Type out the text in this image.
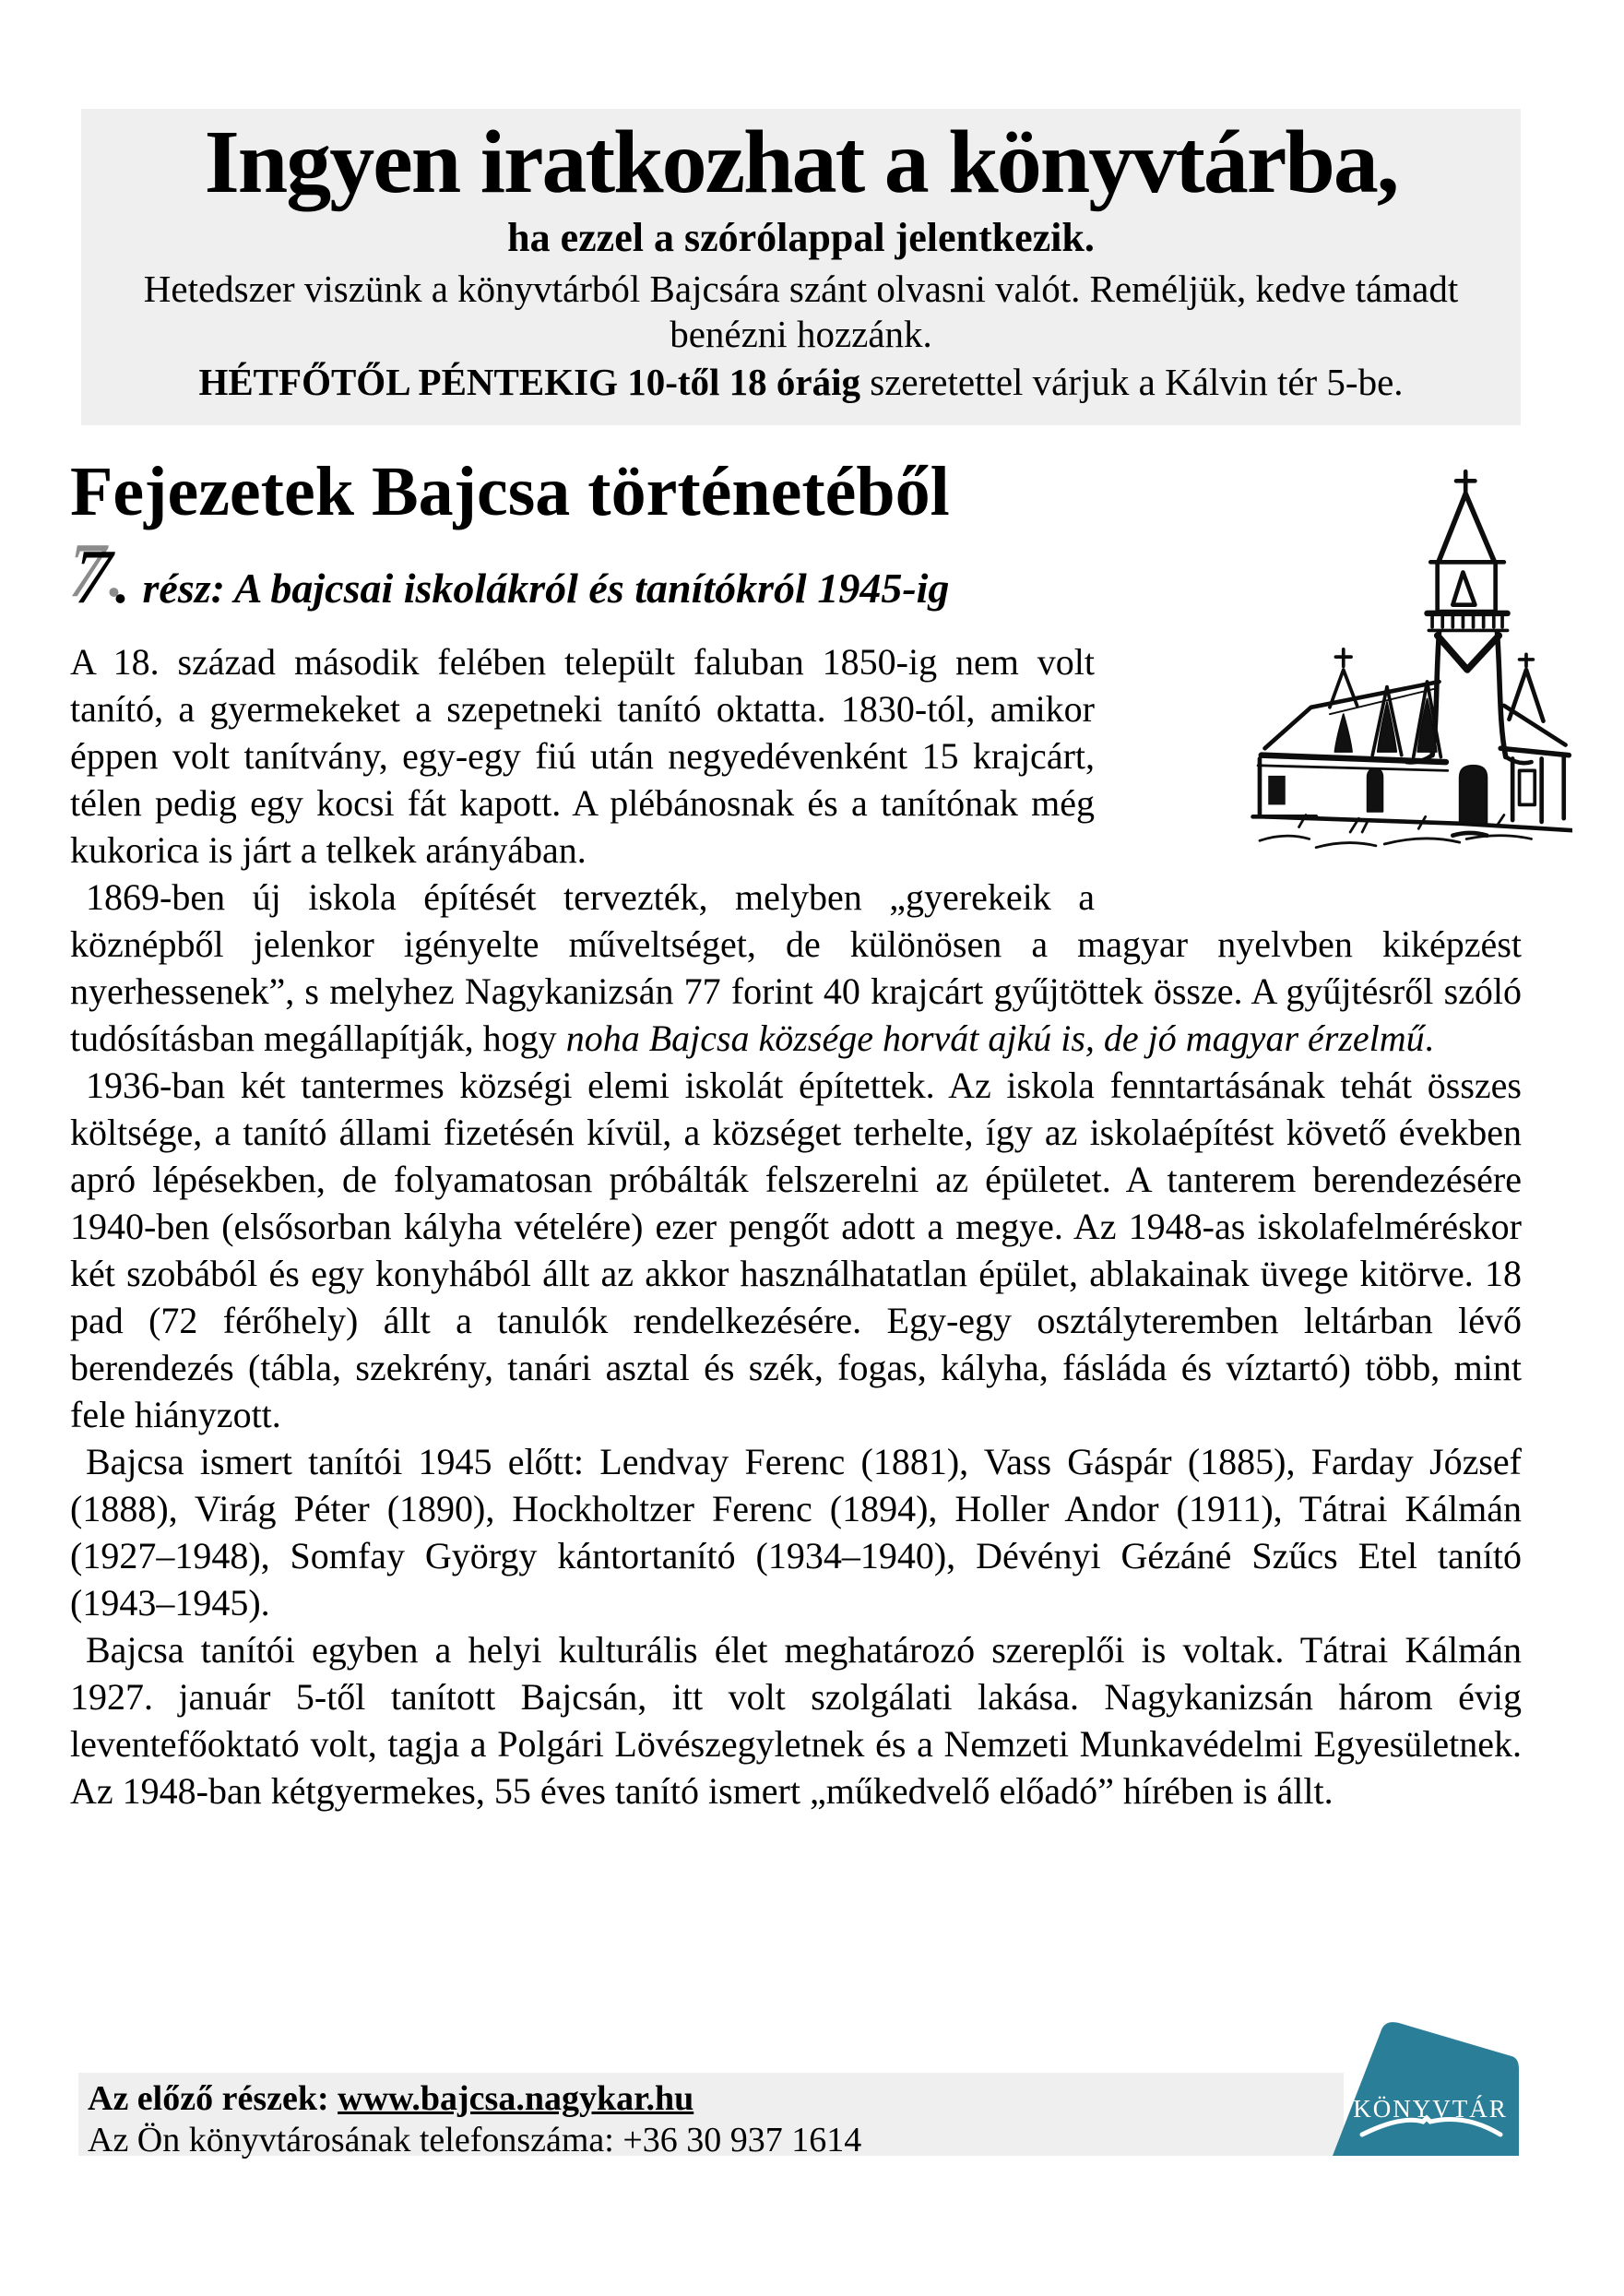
Ingyen iratkozhat a könyvtárba,

ha ezzel a szórólappal jelentkezik.

Hetedszer viszünk a könyvtárból Bajcsára szánt olvasni valót. Reméljük, kedve támadt benézni hozzánk.

HÉTFŐTŐL PÉNTEKIG 10-től 18 óráig szeretettel várjuk a Kálvin tér 5-be.

Fejezetek Bajcsa történetéből
7. rész: A bajcsai iskolákról és tanítókról 1945-ig

A 18. század második felében települt faluban 1850-ig nem volt tanító, a gyermekeket a szepetneki tanító oktatta. 1830-tól, amikor éppen volt tanítvány, egy-egy fiú után negyedévenként 15 krajcárt, télen pedig egy kocsi fát kapott. A plébánosnak és a tanítónak még kukorica is járt a telkek arányában.

1869-ben új iskola építését tervezték, melyben „gyerekeik a köznépből jelenkor igényelte műveltséget, de különösen a magyar nyelvben kiképzést nyerhessenek”, s melyhez Nagykanizsán 77 forint 40 krajcárt gyűjtöttek össze. A gyűjtésről szóló tudósításban megállapítják, hogy noha Bajcsa községe horvát ajkú is, de jó magyar érzelmű.

1936-ban két tantermes községi elemi iskolát építettek. Az iskola fenntartásának tehát összes költsége, a tanító állami fizetésén kívül, a községet terhelte, így az iskolaépítést követő években apró lépésekben, de folyamatosan próbálták felszerelni az épületet. A tanterem berendezésére 1940-ben (elsősorban kályha vételére) ezer pengőt adott a megye. Az 1948-as iskolafelméréskor két szobából és egy konyhából állt az akkor használhatatlan épület, ablakainak üvege kitörve. 18 pad (72 férőhely) állt a tanulók rendelkezésére. Egy-egy osztályteremben leltárban lévő berendezés (tábla, szekrény, tanári asztal és szék, fogas, kályha, fásláda és víztartó) több, mint fele hiányzott.

Bajcsa ismert tanítói 1945 előtt: Lendvay Ferenc (1881), Vass Gáspár (1885), Farday József (1888), Virág Péter (1890), Hockholtzer Ferenc (1894), Holler Andor (1911), Tátrai Kálmán (1927–1948), Somfay György kántortanító (1934–1940), Dévényi Gézáné Szűcs Etel tanító (1943–1945).

Bajcsa tanítói egyben a helyi kulturális élet meghatározó szereplői is voltak. Tátrai Kálmán 1927. január 5-től tanított Bajcsán, itt volt szolgálati lakása. Nagykanizsán három évig leventefőoktató volt, tagja a Polgári Lövészegyletnek és a Nemzeti Munkavédelmi Egyesületnek. Az 1948-ban kétgyermekes, 55 éves tanító ismert „műkedvelő előadó” hírében is állt.

Az előző részek: www.bajcsa.nagykar.hu
Az Ön könyvtárosának telefonszáma: +36 30 937 1614
KÖNYVTÁR
